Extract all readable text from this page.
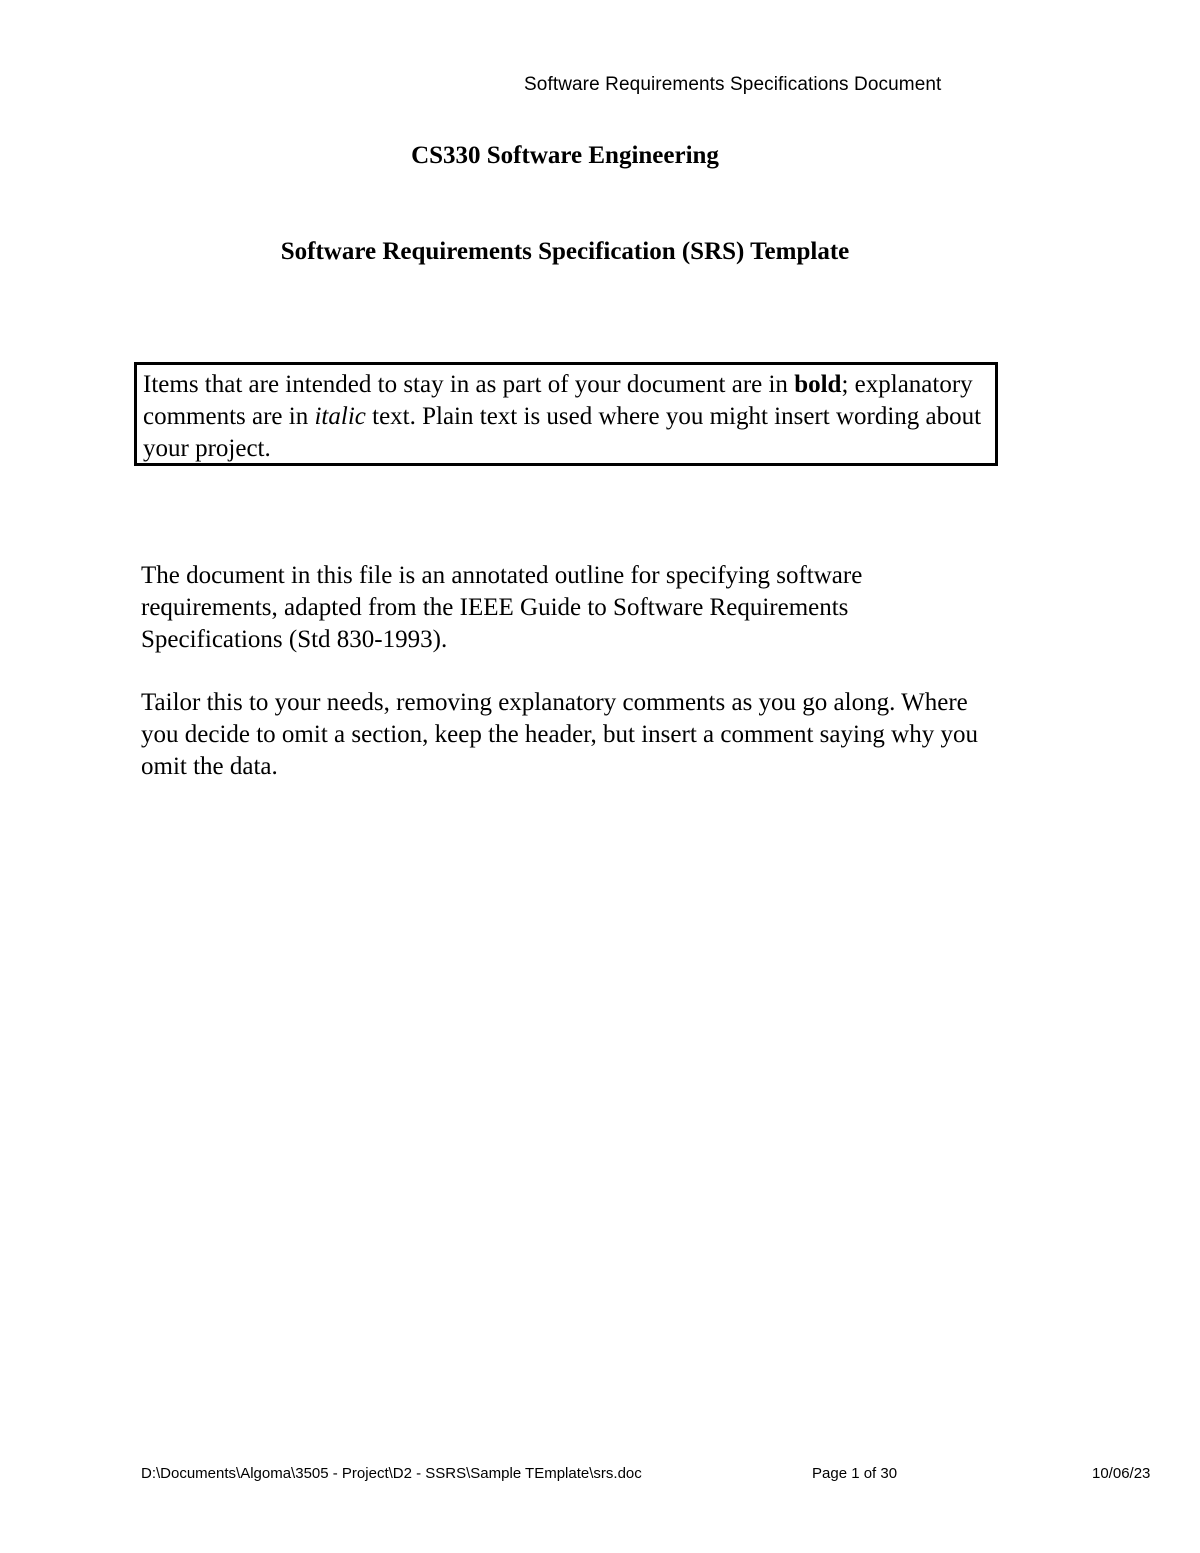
Software Requirements Specifications Document
CS330 Software Engineering
Software Requirements Specification (SRS) Template
Items that are intended to stay in as part of your document are in bold; explanatory comments are in italic text. Plain text is used where you might insert wording about your project.

The document in this file is an annotated outline for specifying software requirements, adapted from the IEEE Guide to Software Requirements Specifications (Std 830-1993).

Tailor this to your needs, removing explanatory comments as you go along. Where you decide to omit a section, keep the header, but insert a comment saying why you omit the data.

D:\Documents\Algoma\3505 - Project\D2 - SSRS\Sample TEmplate\srs.doc	Page 1 of 30	10/06/23
